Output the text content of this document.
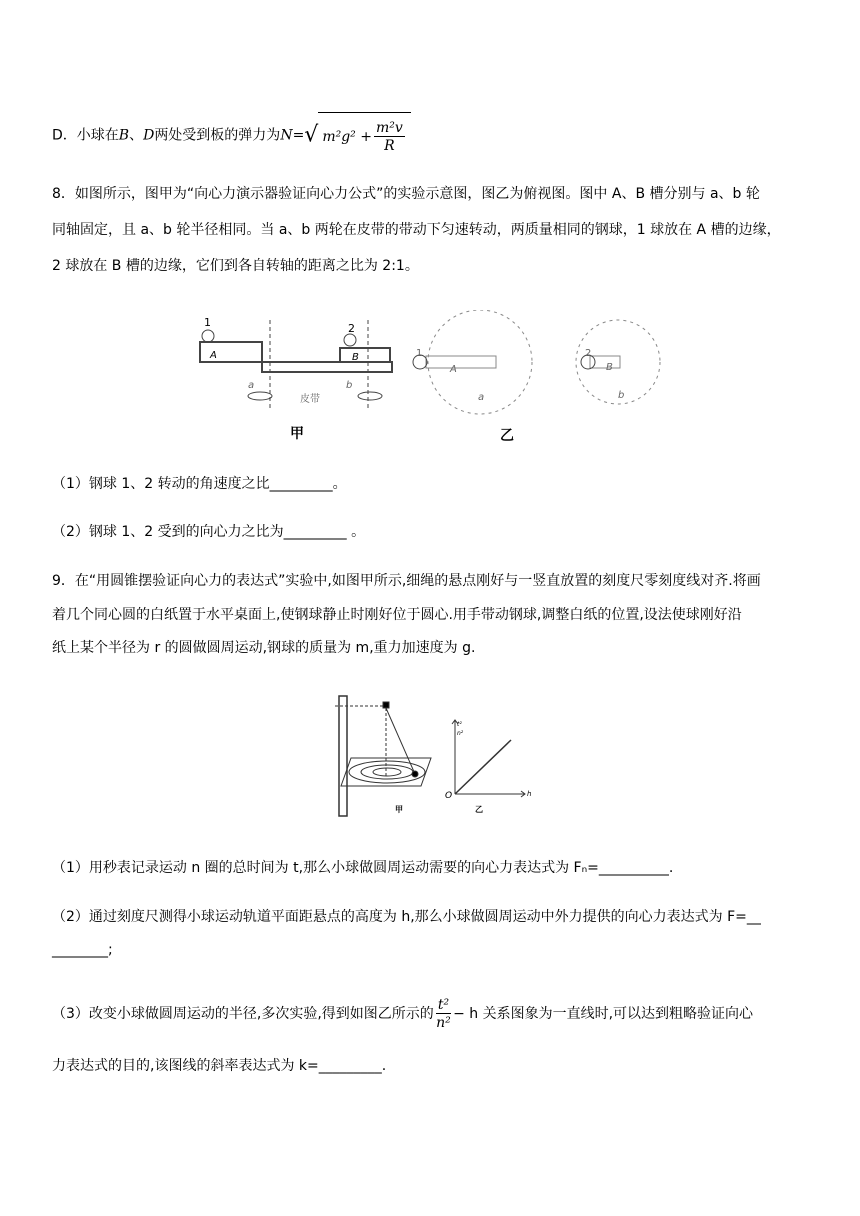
D．小球在B、D两处受到板的弹力为N=√ $m^2g^2 + \frac{\text{m²v}}{R}$
8．如图所示，图甲为“向心力演示器验证向心力公式”的实验示意图，图乙为俯视图。图中 A、B 槽分别与 a、b 轮
同轴固定，且 a、b 轮半径相同。当 a、b 两轮在皮带的带动下匀速转动，两质量相同的钢球，1 球放在 A 槽的边缘，
2 球放在 B 槽的边缘，它们到各自转轴的距离之比为 2:1。
1	2
A	B
a	b
皮带
甲
A	B
1	2
a	b
乙
（1）钢球 1、2 转动的角速度之比_________。
（2）钢球 1、2 受到的向心力之比为_________ 。
9．在“用圆锥摆验证向心力的表达式”实验中,如图甲所示,细绳的悬点刚好与一竖直放置的刻度尺零刻度线对齐.将画
着几个同心圆的白纸置于水平桌面上,使钢球静止时刚好位于圆心.用手带动钢球,调整白纸的位置,设法使球刚好沿
纸上某个半径为 r 的圆做圆周运动,钢球的质量为 m,重力加速度为 g.
甲
O	h
t²
n²
乙
（1）用秒表记录运动 n 圈的总时间为 t,那么小球做圆周运动需要的向心力表达式为 Fₙ=__________.
（2）通过刻度尺测得小球运动轨道平面距悬点的高度为 h,那么小球做圆周运动中外力提供的向心力表达式为 F=__
________;
（3）改变小球做圆周运动的半径,多次实验,得到如图乙所示的 $\frac{\text{t²}}{\text{n²}} - h$ 关系图象为一直线时,可以达到粗略验证向心
力表达式的目的,该图线的斜率表达式为 k=_________.
